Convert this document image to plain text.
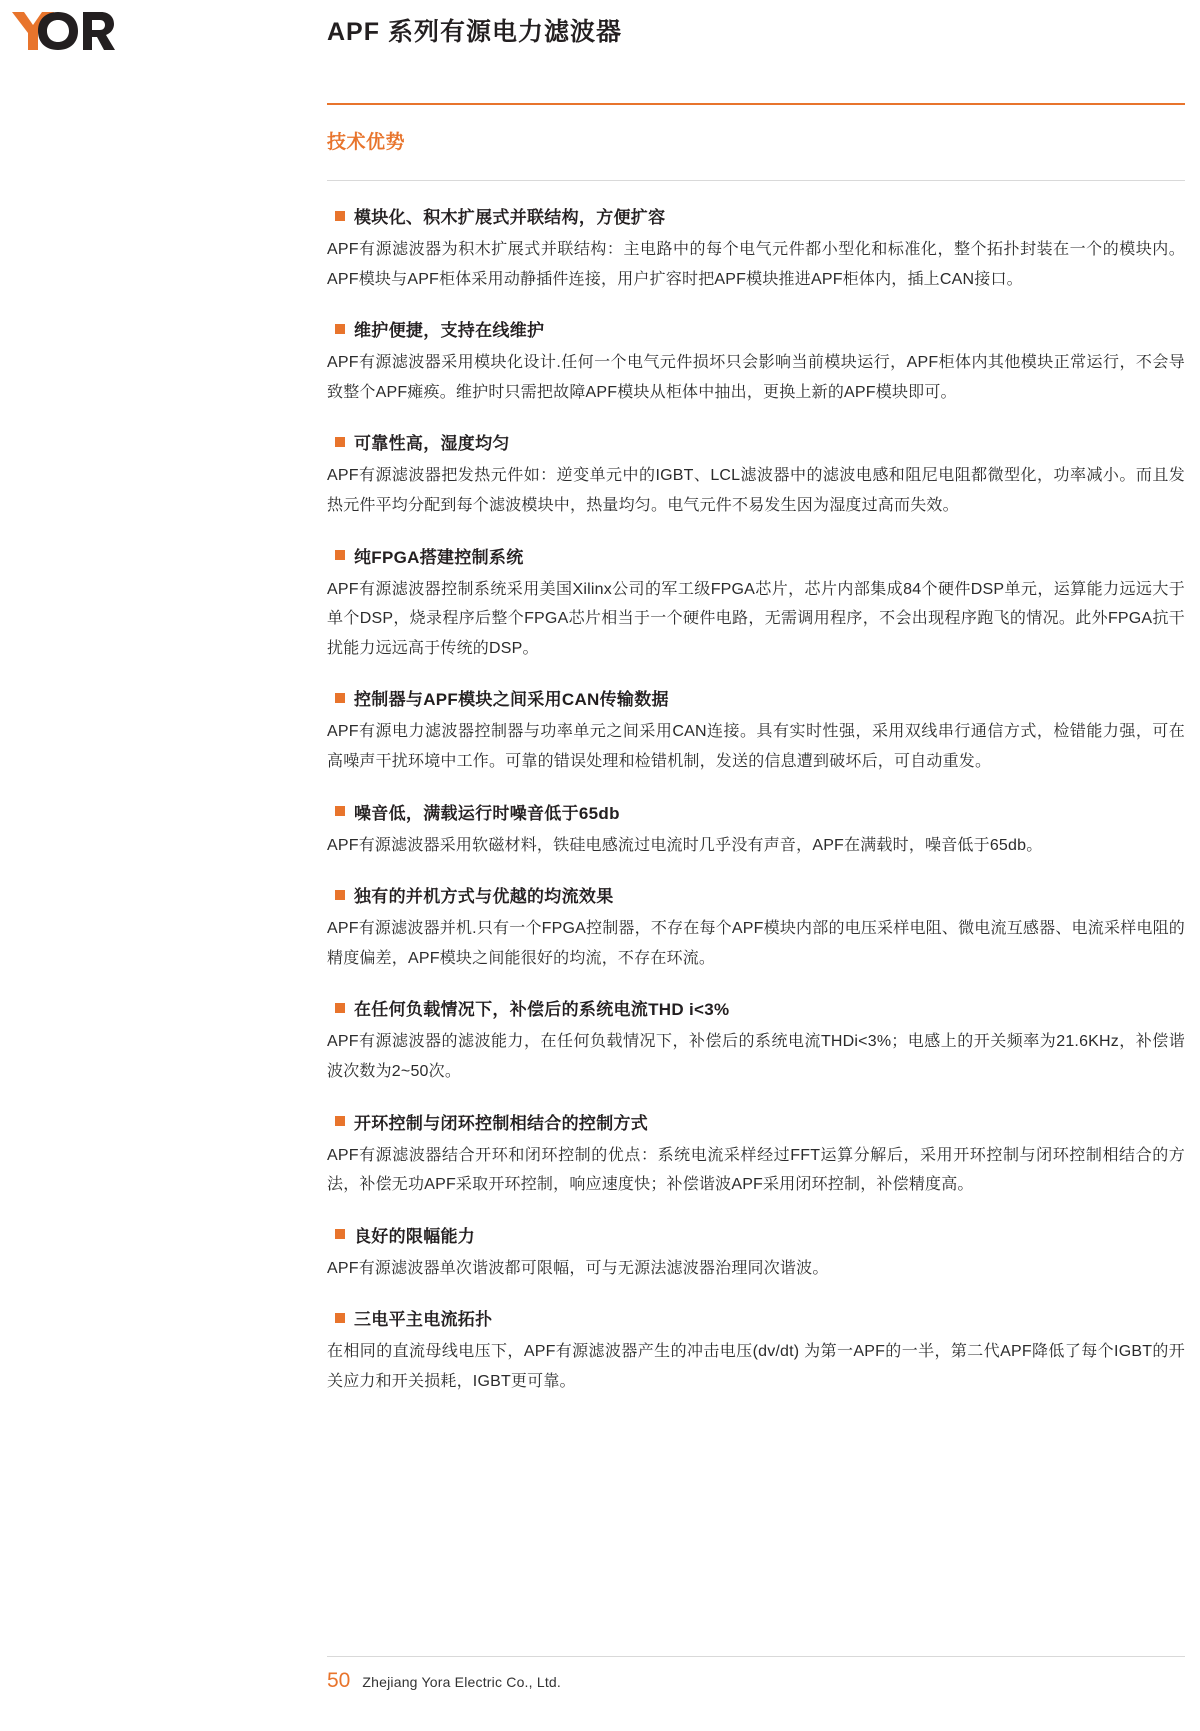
APF 系列有源电力滤波器
技术优势
模块化、积木扩展式并联结构，方便扩容
APF有源滤波器为积木扩展式并联结构：主电路中的每个电气元件都小型化和标准化，整个拓扑封装在一个的模块内。APF模块与APF柜体采用动静插件连接，用户扩容时把APF模块推进APF柜体内，插上CAN接口。
维护便捷，支持在线维护
APF有源滤波器采用模块化设计.任何一个电气元件损坏只会影响当前模块运行，APF柜体内其他模块正常运行，不会导致整个APF瘫痪。维护时只需把故障APF模块从柜体中抽出，更换上新的APF模块即可。
可靠性高，湿度均匀
APF有源滤波器把发热元件如：逆变单元中的IGBT、LCL滤波器中的滤波电感和阻尼电阻都微型化，功率减小。而且发热元件平均分配到每个滤波模块中，热量均匀。电气元件不易发生因为湿度过高而失效。
纯FPGA搭建控制系统
APF有源滤波器控制系统采用美国Xilinx公司的军工级FPGA芯片，芯片内部集成84个硬件DSP单元，运算能力远远大于单个DSP，烧录程序后整个FPGA芯片相当于一个硬件电路，无需调用程序，不会出现程序跑飞的情况。此外FPGA抗干扰能力远远高于传统的DSP。
控制器与APF模块之间采用CAN传输数据
APF有源电力滤波器控制器与功率单元之间采用CAN连接。具有实时性强，采用双线串行通信方式，检错能力强，可在高噪声干扰环境中工作。可靠的错误处理和检错机制，发送的信息遭到破坏后，可自动重发。
噪音低，满载运行时噪音低于65db
APF有源滤波器采用软磁材料，铁硅电感流过电流时几乎没有声音，APF在满载时，噪音低于65db。
独有的并机方式与优越的均流效果
APF有源滤波器并机.只有一个FPGA控制器，不存在每个APF模块内部的电压采样电阻、微电流互感器、电流采样电阻的精度偏差，APF模块之间能很好的均流，不存在环流。
在任何负载情况下，补偿后的系统电流THD i<3%
APF有源滤波器的滤波能力，在任何负载情况下，补偿后的系统电流THDi<3%；电感上的开关频率为21.6KHz，补偿谐波次数为2~50次。
开环控制与闭环控制相结合的控制方式
APF有源滤波器结合开环和闭环控制的优点：系统电流采样经过FFT运算分解后，采用开环控制与闭环控制相结合的方法，补偿无功APF采取开环控制，响应速度快；补偿谐波APF采用闭环控制，补偿精度高。
良好的限幅能力
APF有源滤波器单次谐波都可限幅，可与无源法滤波器治理同次谐波。
三电平主电流拓扑
在相同的直流母线电压下，APF有源滤波器产生的冲击电压(dv/dt) 为第一APF的一半，第二代APF降低了每个IGBT的开关应力和开关损耗，IGBT更可靠。
50 Zhejiang Yora Electric Co., Ltd.
